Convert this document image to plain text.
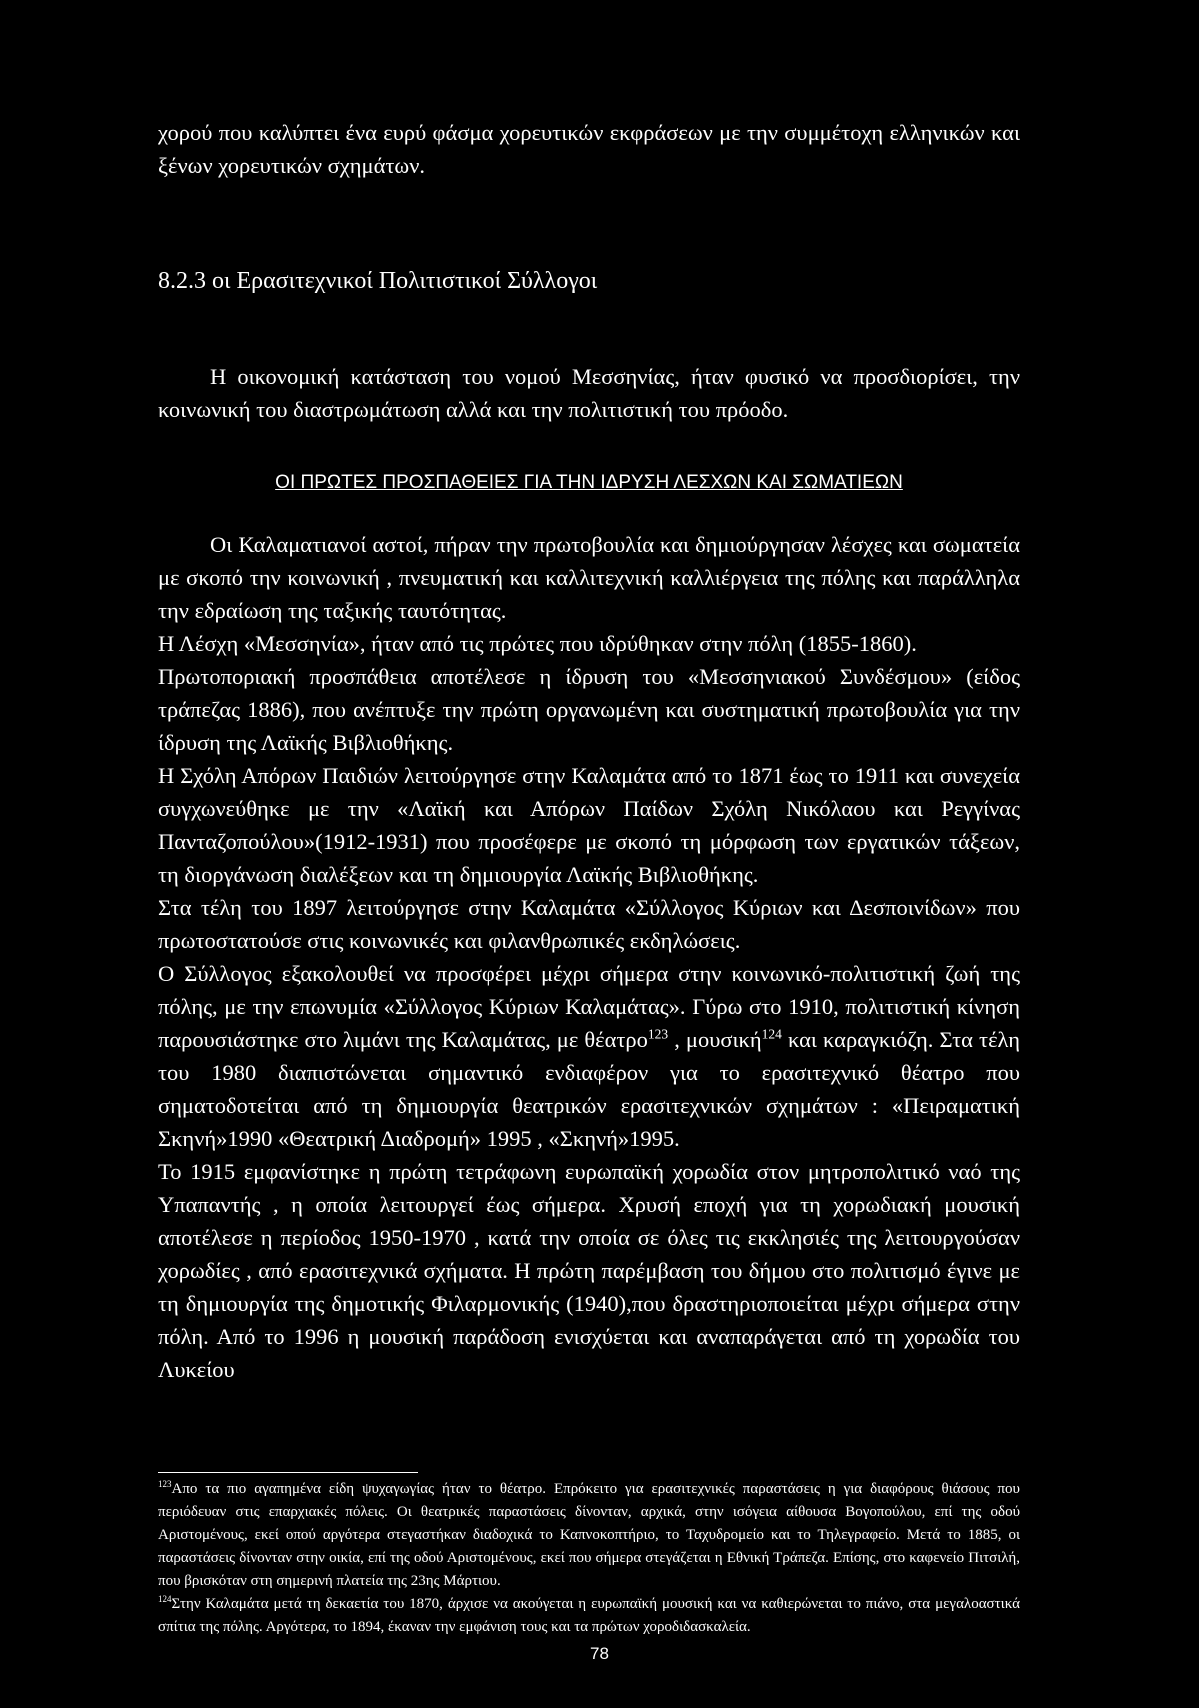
χορού που καλύπτει ένα ευρύ φάσμα χορευτικών εκφράσεων με την συμμέτοχη ελληνικών και ξένων χορευτικών σχημάτων.

8.2.3 οι Ερασιτεχνικοί Πολιτιστικοί Σύλλογοι

Η οικονομική κατάσταση του νομού Μεσσηνίας, ήταν φυσικό να προσδιορίσει, την κοινωνική του διαστρωμάτωση αλλά και την πολιτιστική του πρόοδο.

ΟΙ ΠΡΩΤΕΣ ΠΡΟΣΠΑΘΕΙΕΣ ΓΙΑ ΤΗΝ ΙΔΡΥΣΗ ΛΕΣΧΩΝ ΚΑΙ ΣΩΜΑΤΙΕΩΝ

Οι Καλαματιανοί αστοί, πήραν την πρωτοβουλία και δημιούργησαν λέσχες και σωματεία με σκοπό την κοινωνική , πνευματική και καλλιτεχνική καλλιέργεια της πόλης και παράλληλα την εδραίωση της ταξικής ταυτότητας.

Η Λέσχη «Μεσσηνία», ήταν από τις πρώτες που ιδρύθηκαν στην πόλη (1855-1860).

Πρωτοποριακή προσπάθεια αποτέλεσε η ίδρυση του «Μεσσηνιακού Συνδέσμου» (είδος τράπεζας 1886), που ανέπτυξε την πρώτη οργανωμένη και συστηματική πρωτοβουλία για την ίδρυση της Λαϊκής Βιβλιοθήκης.

Η Σχόλη Απόρων Παιδιών λειτούργησε στην Καλαμάτα από το 1871 έως το 1911 και συνεχεία συγχωνεύθηκε με την «Λαϊκή και Απόρων Παίδων Σχόλη Νικόλαου και Ρεγγίνας Πανταζοπούλου»(1912-1931) που προσέφερε με σκοπό τη μόρφωση των εργατικών τάξεων, τη διοργάνωση διαλέξεων και τη δημιουργία Λαϊκής Βιβλιοθήκης.

Στα τέλη του 1897 λειτούργησε στην Καλαμάτα «Σύλλογος Κύριων και Δεσποινίδων» που πρωτοστατούσε στις κοινωνικές και φιλανθρωπικές εκδηλώσεις.

Ο Σύλλογος εξακολουθεί να προσφέρει μέχρι σήμερα στην κοινωνικό-πολιτιστική ζωή της πόλης, με την επωνυμία «Σύλλογος Κύριων Καλαμάτας». Γύρω στο 1910, πολιτιστική κίνηση παρουσιάστηκε στο λιμάνι της Καλαμάτας, με θέατρο$^{123}$ , μουσική$^{124}$ και καραγκιόζη. Στα τέλη του 1980 διαπιστώνεται σημαντικό ενδιαφέρον για το ερασιτεχνικό θέατρο που σηματοδοτείται από τη δημιουργία θεατρικών ερασιτεχνικών σχημάτων : «Πειραματική Σκηνή»1990 «Θεατρική Διαδρομή» 1995 , «Σκηνή»1995.

Το 1915 εμφανίστηκε η πρώτη τετράφωνη ευρωπαϊκή χορωδία στον μητροπολιτικό ναό της Υπαπαντής , η οποία λειτουργεί έως σήμερα. Χρυσή εποχή για τη χορωδιακή μουσική αποτέλεσε η περίοδος 1950-1970 , κατά την οποία σε όλες τις εκκλησιές της λειτουργούσαν χορωδίες , από ερασιτεχνικά σχήματα. Η πρώτη παρέμβαση του δήμου στο πολιτισμό έγινε με τη δημιουργία της δημοτικής Φιλαρμονικής (1940),που δραστηριοποιείται μέχρι σήμερα στην πόλη. Από το 1996 η μουσική παράδοση ενισχύεται και αναπαράγεται από τη χορωδία του Λυκείου

$^{123}$Απο τα πιο αγαπημένα είδη ψυχαγωγίας ήταν το θέατρο. Επρόκειτο για ερασιτεχνικές παραστάσεις η για διαφόρους θιάσους που περιόδευαν στις επαρχιακές πόλεις. Οι θεατρικές παραστάσεις δίνονταν, αρχικά, στην ισόγεια αίθουσα Βογοπούλου, επί της οδού Αριστομένους, εκεί οπού αργότερα στεγαστήκαν διαδοχικά το Καπνοκοπτήριο, το Ταχυδρομείο και το Τηλεγραφείο. Μετά το 1885, οι παραστάσεις δίνονταν στην οικία, επί της οδού Αριστομένους, εκεί που σήμερα στεγάζεται η Εθνική Τράπεζα. Επίσης, στο καφενείο Πιτσιλή, που βρισκόταν στη σημερινή πλατεία της 23ης Μάρτιου.

$^{124}$Στην Καλαμάτα μετά τη δεκαετία του 1870, άρχισε να ακούγεται η ευρωπαϊκή μουσική και να καθιερώνεται το πιάνο, στα μεγαλοαστικά σπίτια της πόλης. Αργότερα, το 1894, έκαναν την εμφάνιση τους και τα πρώτων χοροδιδασκαλεία.

78
